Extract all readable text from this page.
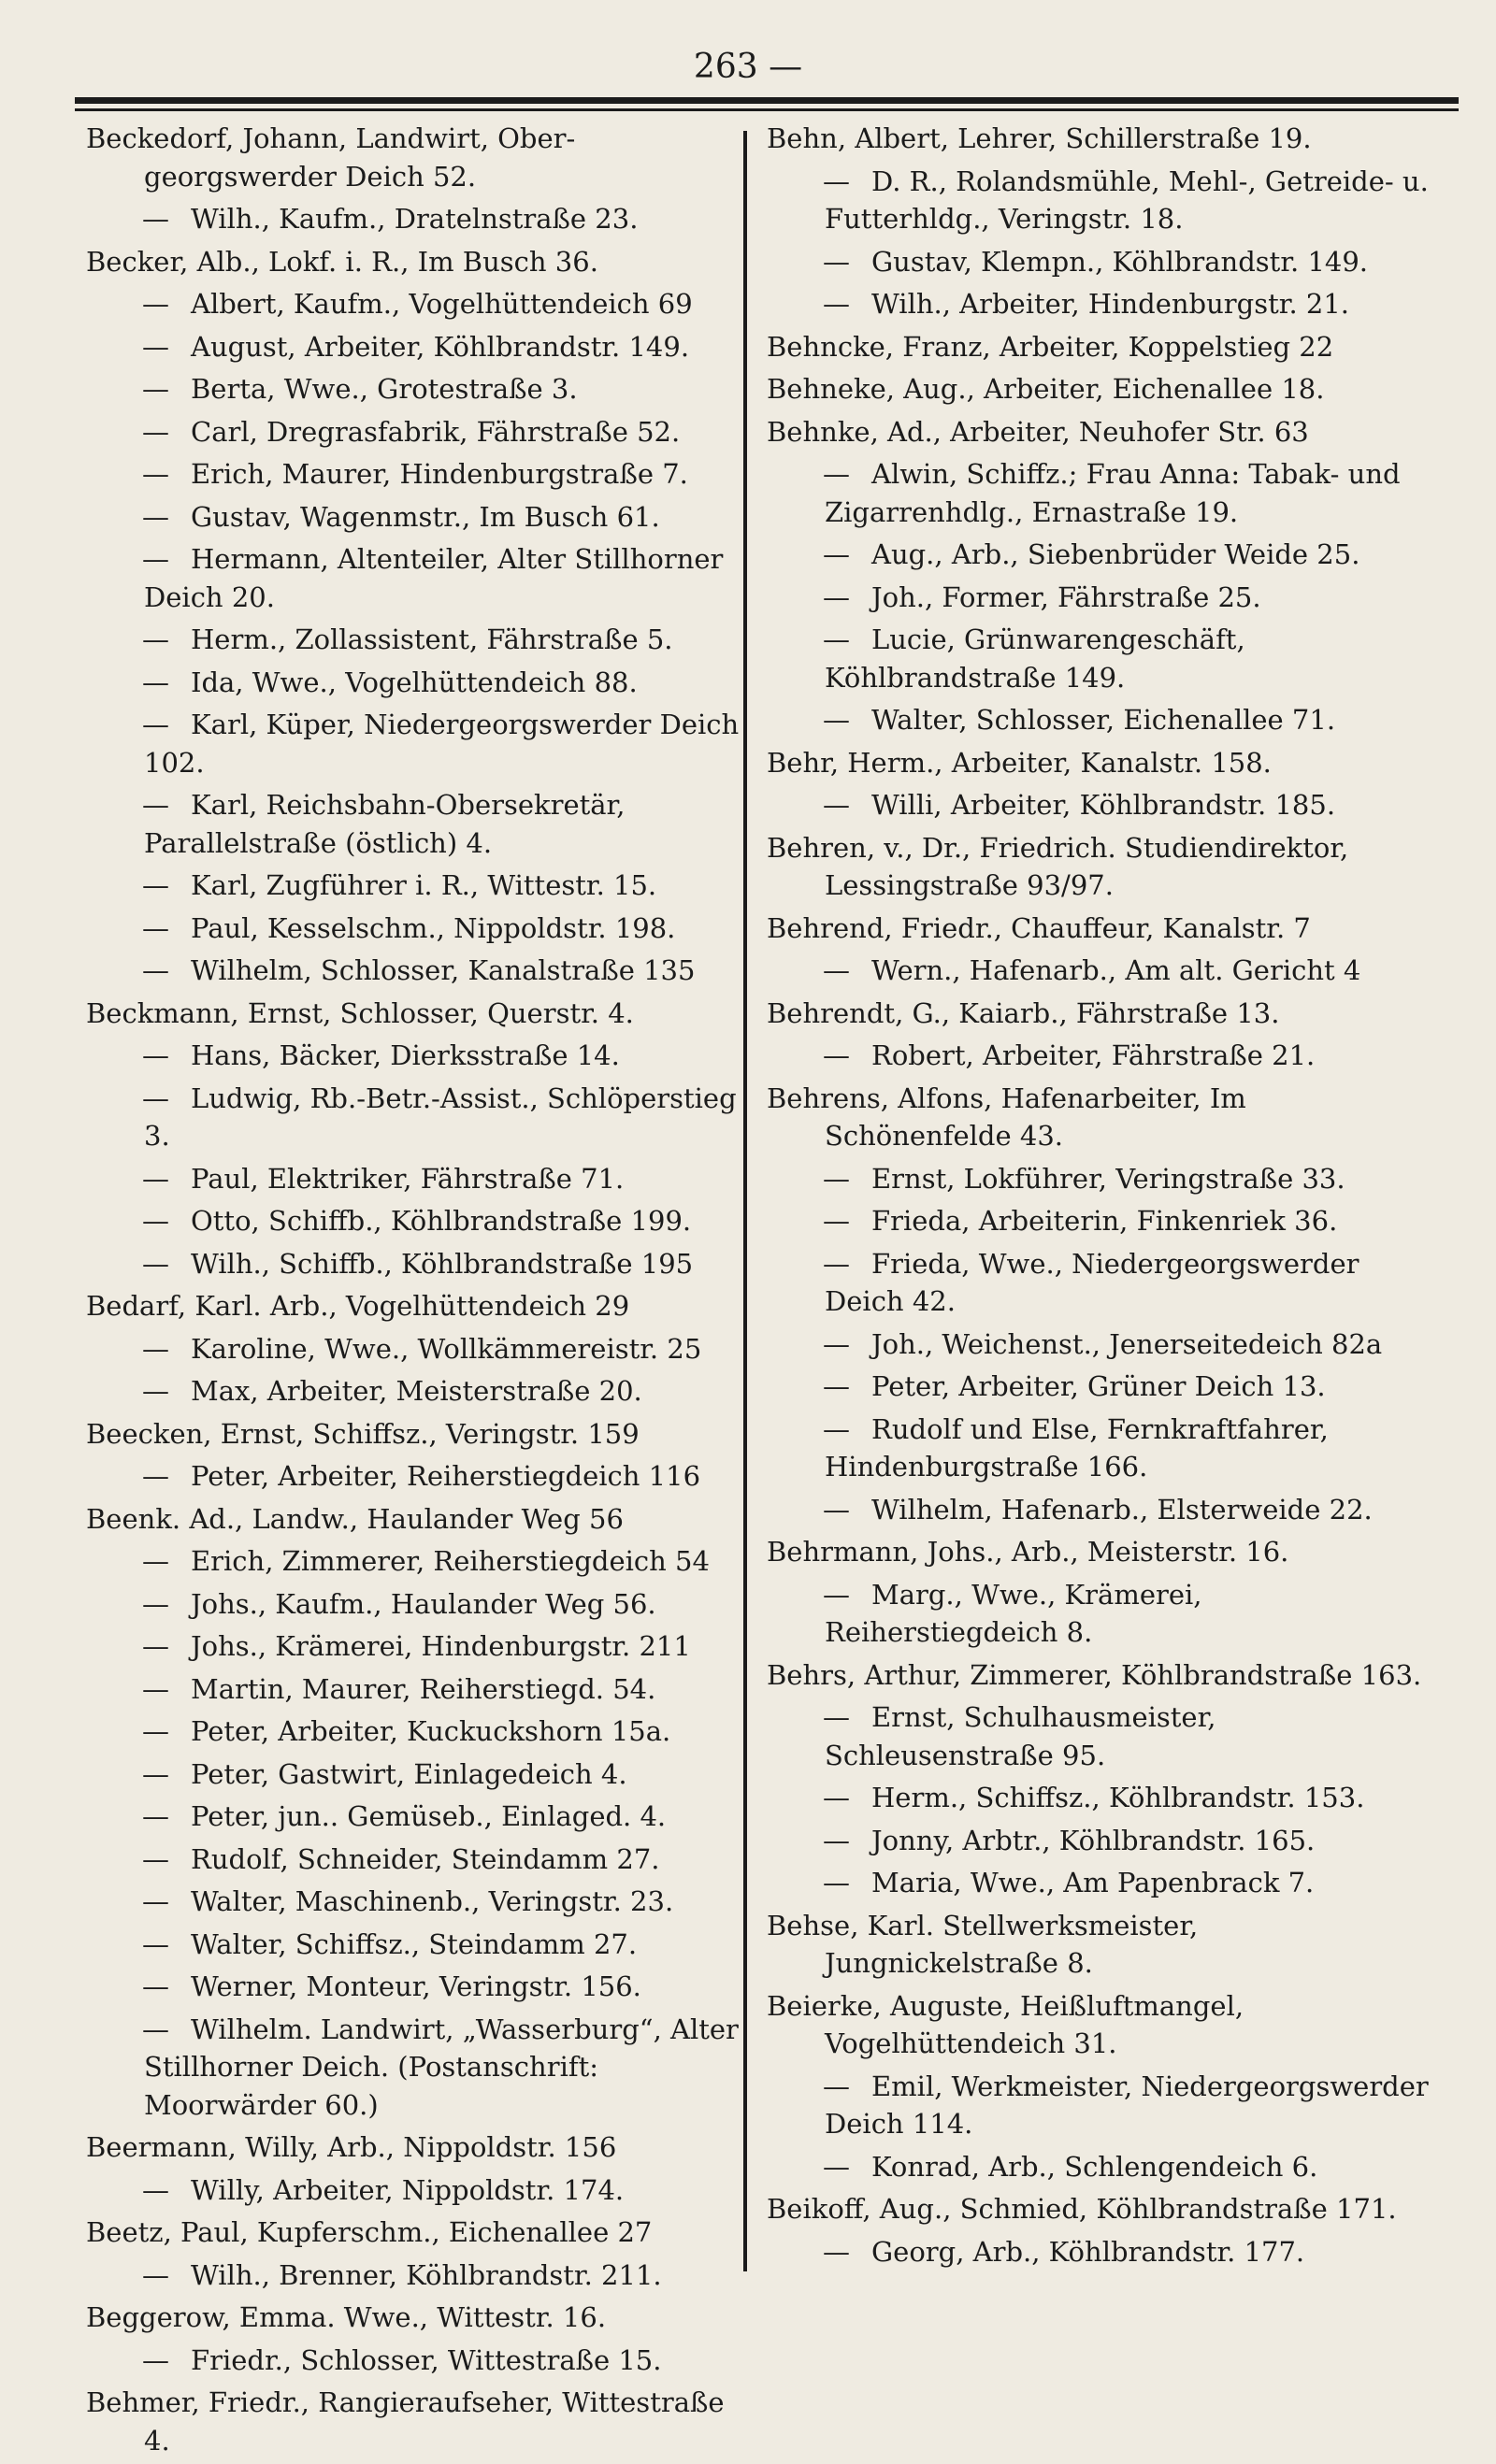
263 —
Beckedorf, Johann, Landwirt, Ober-georgswerder Deich 52.
— Wilh., Kaufm., Dratelnstraße 23.
Becker, Alb., Lokf. i. R., Im Busch 36.
— Albert, Kaufm., Vogelhüttendeich 69
— August, Arbeiter, Köhlbrandstr. 149.
— Berta, Wwe., Grotestraße 3.
— Carl, Dregrasfabrik, Fährstraße 52.
— Erich, Maurer, Hindenburgstraße 7.
— Gustav, Wagenmstr., Im Busch 61.
— Hermann, Altenteiler, Alter Stillhorner Deich 20.
— Herm., Zollassistent, Fährstraße 5.
— Ida, Wwe., Vogelhüttendeich 88.
— Karl, Küper, Niedergeorgswerder Deich 102.
— Karl, Reichsbahn-Obersekretär, Parallelstraße (östlich) 4.
— Karl, Zugführer i. R., Wittestr. 15.
— Paul, Kesselschm., Nippoldstr. 198.
— Wilhelm, Schlosser, Kanalstraße 135
Beckmann, Ernst, Schlosser, Querstr. 4.
— Hans, Bäcker, Dierksstraße 14.
— Ludwig, Rb.-Betr.-Assist., Schlöperstieg 3.
— Paul, Elektriker, Fährstraße 71.
— Otto, Schiffb., Köhlbrandstraße 199.
— Wilh., Schiffb., Köhlbrandstraße 195
Bedarf, Karl. Arb., Vogelhüttendeich 29
— Karoline, Wwe., Wollkämmereistr. 25
— Max, Arbeiter, Meisterstraße 20.
Beecken, Ernst, Schiffsz., Veringstr. 159
— Peter, Arbeiter, Reiherstiegdeich 116
Beenk. Ad., Landw., Haulander Weg 56
— Erich, Zimmerer, Reiherstiegdeich 54
— Johs., Kaufm., Haulander Weg 56.
— Johs., Krämerei, Hindenburgstr. 211
— Martin, Maurer, Reiherstiegd. 54.
— Peter, Arbeiter, Kuckuckshorn 15a.
— Peter, Gastwirt, Einlagedeich 4.
— Peter, jun.. Gemüseb., Einlaged. 4.
— Rudolf, Schneider, Steindamm 27.
— Walter, Maschinenb., Veringstr. 23.
— Walter, Schiffsz., Steindamm 27.
— Werner, Monteur, Veringstr. 156.
— Wilhelm. Landwirt, „Wasserburg“, Alter Stillhorner Deich. (Postanschrift: Moorwärder 60.)
Beermann, Willy, Arb., Nippoldstr. 156
— Willy, Arbeiter, Nippoldstr. 174.
Beetz, Paul, Kupferschm., Eichenallee 27
— Wilh., Brenner, Köhlbrandstr. 211.
Beggerow, Emma. Wwe., Wittestr. 16.
— Friedr., Schlosser, Wittestraße 15.
Behmer, Friedr., Rangieraufseher, Wittestraße 4.
Behn, Albert, Lehrer, Schillerstraße 19.
— D. R., Rolandsmühle, Mehl-, Getreide- u. Futterhldg., Veringstr. 18.
— Gustav, Klempn., Köhlbrandstr. 149.
— Wilh., Arbeiter, Hindenburgstr. 21.
Behncke, Franz, Arbeiter, Koppelstieg 22
Behneke, Aug., Arbeiter, Eichenallee 18.
Behnke, Ad., Arbeiter, Neuhofer Str. 63
— Alwin, Schiffz.; Frau Anna: Tabak- und Zigarrenhdlg., Ernastraße 19.
— Aug., Arb., Siebenbrüder Weide 25.
— Joh., Former, Fährstraße 25.
— Lucie, Grünwarengeschäft, Köhlbrandstraße 149.
— Walter, Schlosser, Eichenallee 71.
Behr, Herm., Arbeiter, Kanalstr. 158.
— Willi, Arbeiter, Köhlbrandstr. 185.
Behren, v., Dr., Friedrich. Studiendirektor, Lessingstraße 93/97.
Behrend, Friedr., Chauffeur, Kanalstr. 7
— Wern., Hafenarb., Am alt. Gericht 4
Behrendt, G., Kaiarb., Fährstraße 13.
— Robert, Arbeiter, Fährstraße 21.
Behrens, Alfons, Hafenarbeiter, Im Schönenfelde 43.
— Ernst, Lokführer, Veringstraße 33.
— Frieda, Arbeiterin, Finkenriek 36.
— Frieda, Wwe., Niedergeorgswerder Deich 42.
— Joh., Weichenst., Jenerseitedeich 82a
— Peter, Arbeiter, Grüner Deich 13.
— Rudolf und Else, Fernkraftfahrer, Hindenburgstraße 166.
— Wilhelm, Hafenarb., Elsterweide 22.
Behrmann, Johs., Arb., Meisterstr. 16.
— Marg., Wwe., Krämerei, Reiherstiegdeich 8.
Behrs, Arthur, Zimmerer, Köhlbrandstraße 163.
— Ernst, Schulhausmeister, Schleusenstraße 95.
— Herm., Schiffsz., Köhlbrandstr. 153.
— Jonny, Arbtr., Köhlbrandstr. 165.
— Maria, Wwe., Am Papenbrack 7.
Behse, Karl. Stellwerksmeister, Jungnickelstraße 8.
Beierke, Auguste, Heißluftmangel, Vogelhüttendeich 31.
— Emil, Werkmeister, Niedergeorgswerder Deich 114.
— Konrad, Arb., Schlengendeich 6.
Beikoff, Aug., Schmied, Köhlbrandstraße 171.
— Georg, Arb., Köhlbrandstr. 177.
